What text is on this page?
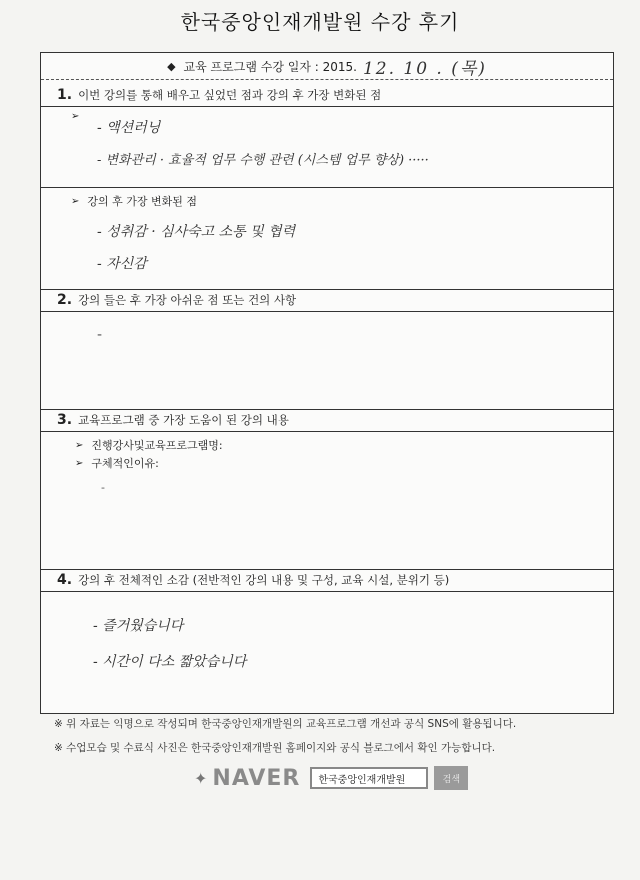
한국중앙인재개발원 수강 후기
◆ 교육 프로그램 수강 일자 : 2015. 12. 10 . (목)
1. 이번 강의를 통해 배우고 싶었던 점과 강의 후 가장 변화된 점
➢
- 액션러닝
- 변화관리 · 효율적 업무 수행 관련 (시스템 업무 향상) ·····
➢ 강의 후 가장 변화된 점
- 성취감 · 심사숙고 소통 및 협력
- 자신감
2. 강의 들은 후 가장 아쉬운 점 또는 건의 사항
-
3. 교육프로그램 중 가장 도움이 된 강의 내용
➢ 진행강사및교육프로그램명:
➢ 구체적인이유:
-
4. 강의 후 전체적인 소감 (전반적인 강의 내용 및 구성, 교육 시설, 분위기 등)
- 즐거웠습니다
- 시간이 다소 짧았습니다
※ 위 자료는 익명으로 작성되며 한국중앙인재개발원의 교육프로그램 개선과 공식 SNS에 활용됩니다.
※ 수업모습 및 수료식 사진은 한국중앙인재개발원 홈페이지와 공식 블로그에서 확인 가능합니다.
✦ NAVER	한국중앙인재개발원	검색
